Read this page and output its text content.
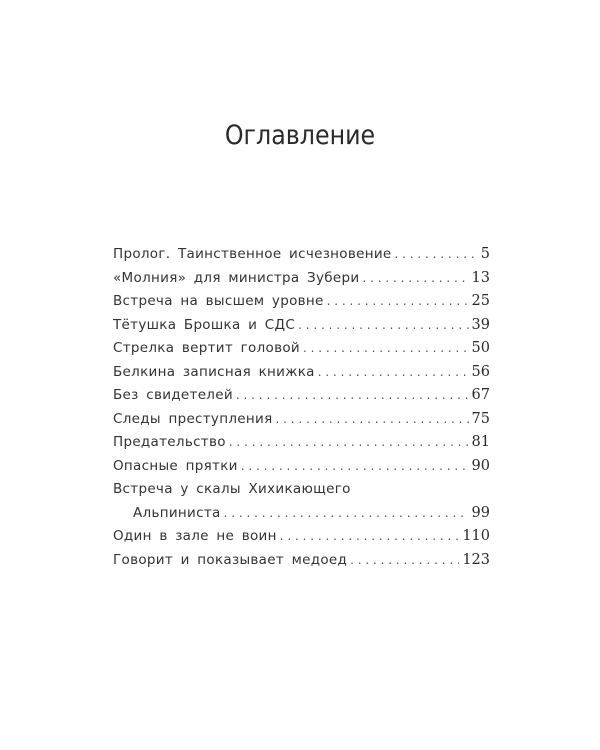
Оглавление
Пролог. Таинственное исчезновение . . .	5
«Молния» для министра Зубери . . .	13
Встреча на высшем уровне . . .	25
Тётушка Брошка и СДС . . .	39
Стрелка вертит головой . . .	50
Белкина записная книжка . . .	56
Без свидетелей . . .	67
Следы преступления . . .	75
Предательство . . .	81
Опасные прятки . . .	90
Встреча у скалы Хихикающего
Альпиниста . . .	99
Один в зале не воин . . .	110
Говорит и показывает медоед . . .	123
